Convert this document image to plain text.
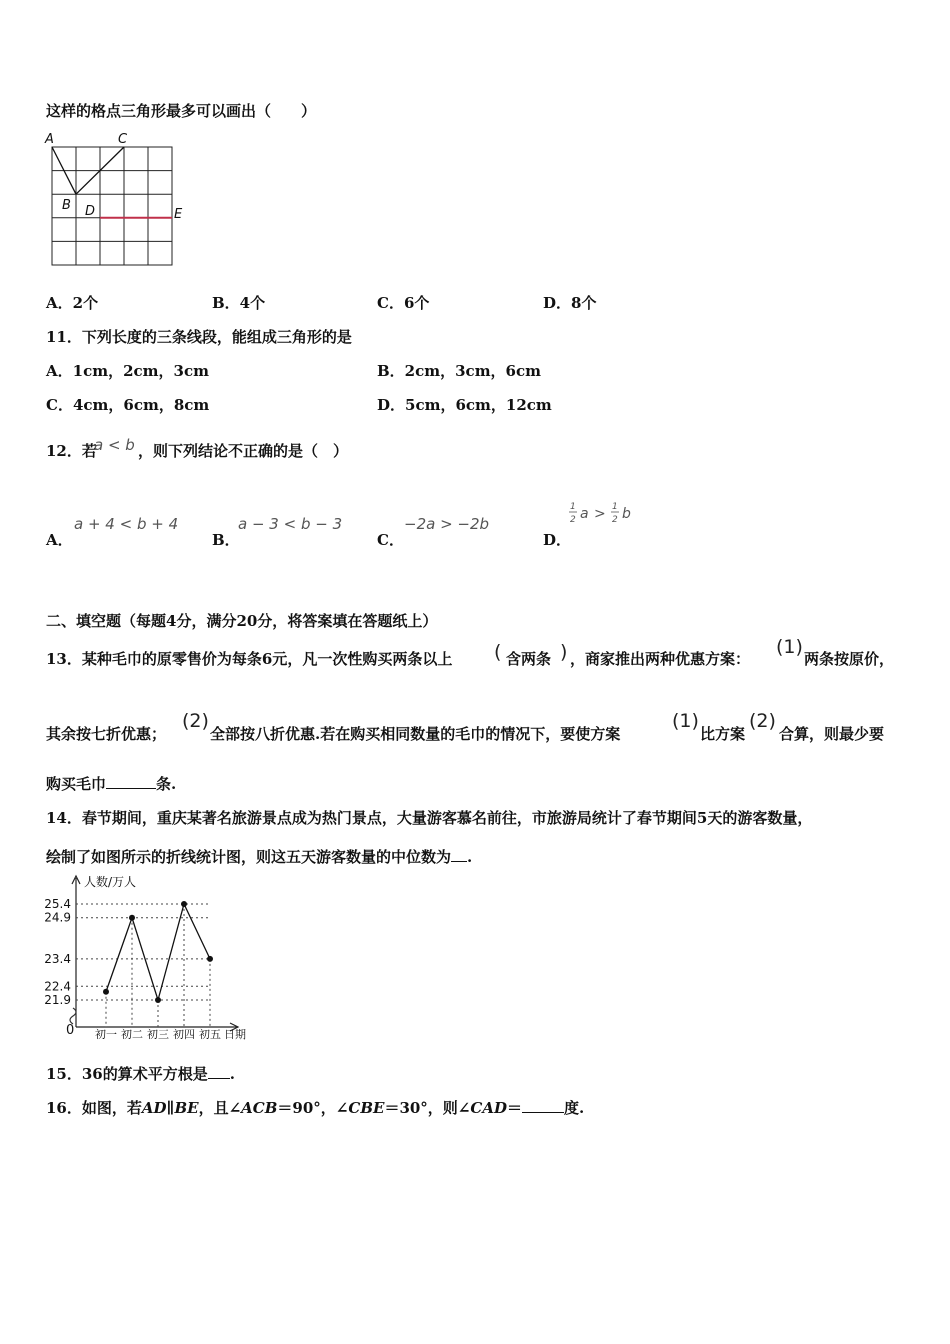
这样的格点三角形最多可以画出（　　）
A	C
B D	E
A．2个	B．4个	C．6个	D．8个
11．下列长度的三条线段，能组成三角形的是
A．1cm，2cm，3cm	B．2cm，3cm，6cm
C．4cm，6cm，8cm	D．5cm，6cm，12cm
12．若
a < b ，则下列结论不正确的是（　）
A．
a + 4 < b + 4
B．
a − 3 < b − 3
C．
−2a > −2b
D．
1
2 a > 1
2 b
二、填空题（每题4分，满分20分，将答案填在答题纸上）
13．某种毛巾的原零售价为每条6元，凡一次性购买两条以上 ( 含两条 ) ，商家推出两种优惠方案：
(1)
两条按原价，
其余按七折优惠；
(2)
全部按八折优惠.若在购买相同数量的毛巾的情况下，要使方案
(1)
比方案
(2)
合算，则最少要
购买毛巾	条.
14．春节期间，重庆某著名旅游景点成为热门景点，大量游客慕名前往，市旅游局统计了春节期间5天的游客数量，
绘制了如图所示的折线统计图，则这五天游客数量的中位数为 .
人数/万人
日期
0
25.4
24.9
23.4
22.4
21.9
初一 初二 初三 初四 初五
15．36的算术平方根是 .
16．如图，若AD∥BE，且∠ACB＝90°，∠CBE＝30°，则∠CAD＝	度.
